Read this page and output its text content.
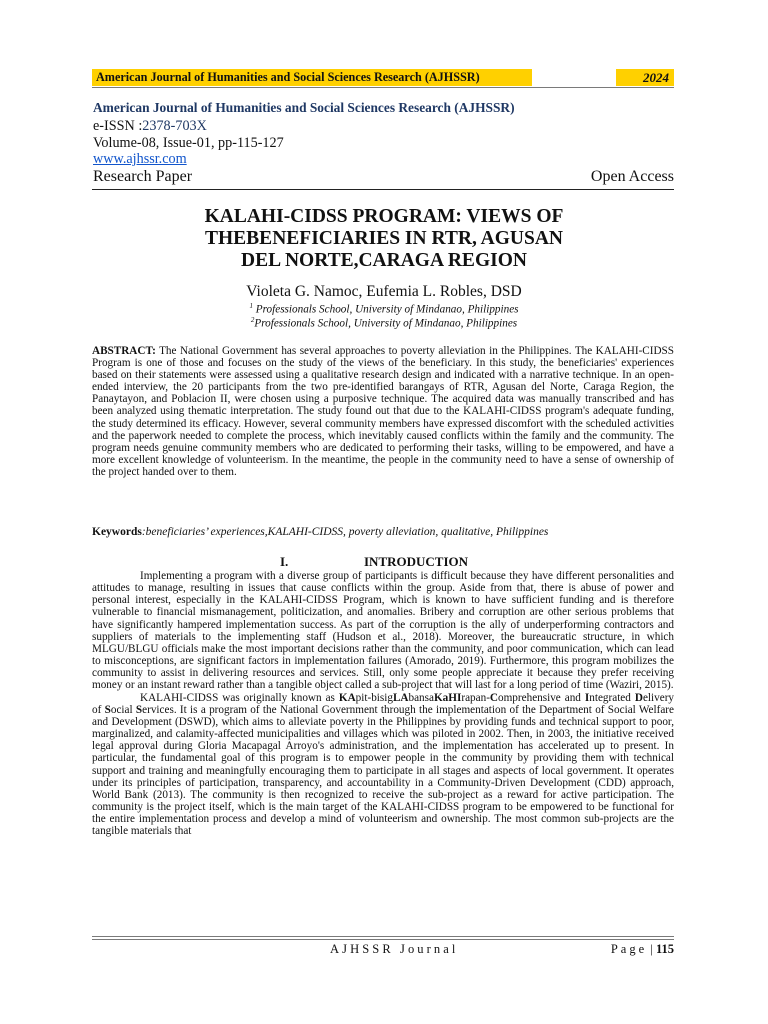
American Journal of Humanities and Social Sciences Research (AJHSSR)	2024
American Journal of Humanities and Social Sciences Research (AJHSSR)
e-ISSN :2378-703X
Volume-08, Issue-01, pp-115-127
www.ajhssr.com
Research Paper	Open Access
KALAHI-CIDSS PROGRAM: VIEWS OF
THEBENEFICIARIES IN RTR, AGUSAN
DEL NORTE,CARAGA REGION
Violeta G. Namoc, Eufemia L. Robles, DSD
$^1$ Professionals School, University of Mindanao, Philippines
$^2$Professionals School, University of Mindanao, Philippines
ABSTRACT: The National Government has several approaches to poverty alleviation in the Philippines. The KALAHI-CIDSS Program is one of those and focuses on the study of the views of the beneficiary. In this study, the beneficiaries' experiences based on their statements were assessed using a qualitative research design and indicated with a narrative technique. In an open-ended interview, the 20 participants from the two pre-identified barangays of RTR, Agusan del Norte, Caraga Region, the Panaytayon, and Poblacion II, were chosen using a purposive technique. The acquired data was manually transcribed and has been analyzed using thematic interpretation. The study found out that due to the KALAHI-CIDSS program's adequate funding, the study determined its efficacy. However, several community members have expressed discomfort with the scheduled activities and the paperwork needed to complete the process, which inevitably caused conflicts within the family and the community. The program needs genuine community members who are dedicated to performing their tasks, willing to be empowered, and have a more excellent knowledge of volunteerism. In the meantime, the people in the community need to have a sense of ownership of the project handed over to them.
Keywords:beneficiaries’ experiences,KALAHI-CIDSS, poverty alleviation, qualitative, Philippines
I.	INTRODUCTION

Implementing a program with a diverse group of participants is difficult because they have different personalities and attitudes to manage, resulting in issues that cause conflicts within the group. Aside from that, there is abuse of power and personal interest, especially in the KALAHI-CIDSS Program, which is known to have sufficient funding and is therefore vulnerable to financial mismanagement, politicization, and anomalies. Bribery and corruption are other serious problems that have significantly hampered implementation success. As part of the corruption is the ally of underperforming contractors and suppliers of materials to the implementing staff (Hudson et al., 2018). Moreover, the bureaucratic structure, in which MLGU/BLGU officials make the most important decisions rather than the community, and poor communication, which can lead to misconceptions, are significant factors in implementation failures (Amorado, 2019). Furthermore, this program mobilizes the community to assist in delivering resources and services. Still, only some people appreciate it because they prefer receiving money or an instant reward rather than a tangible object called a sub-project that will last for a long period of time (Waziri, 2015).

KALAHI-CIDSS was originally known as KApit-bisigLAbansaKaHIrapan-Comprehensive and Integrated Delivery of Social Services. It is a program of the National Government through the implementation of the Department of Social Welfare and Development (DSWD), which aims to alleviate poverty in the Philippines by providing funds and technical support to poor, marginalized, and calamity-affected municipalities and villages which was piloted in 2002. Then, in 2003, the initiative received legal approval during Gloria Macapagal Arroyo's administration, and the implementation has accelerated up to present. In particular, the fundamental goal of this program is to empower people in the community by providing them with technical support and training and meaningfully encouraging them to participate in all stages and aspects of local government. It operates under its principles of participation, transparency, and accountability in a Community-Driven Development (CDD) approach, World Bank (2013). The community is then recognized to receive the sub-project as a reward for active participation. The community is the project itself, which is the main target of the KALAHI-CIDSS program to be empowered to be functional for the entire implementation process and develop a mind of volunteerism and ownership. The most common sub-projects are the tangible materials that

AJHSSR Journal	Page | 115
